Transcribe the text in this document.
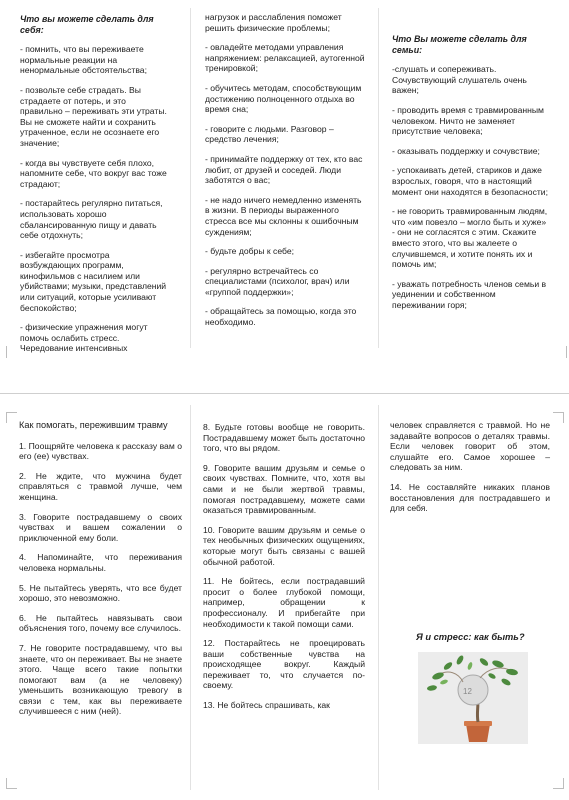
Что вы можете сделать для себя:

- помнить, что вы переживаете нормальные реакции на ненормальные обстоятельства;

- позвольте себе страдать. Вы страдаете от потерь, и это правильно – переживать эти утраты. Вы не сможете найти и сохранить утраченное, если не осознаете его значение;

- когда вы чувствуете себя плохо, напомните себе, что вокруг вас тоже страдают;

- постарайтесь регулярно питаться, использовать хорошо сбалансированную пищу и давать себе отдохнуть;

- избегайте просмотра возбуждающих программ, кинофильмов с насилием или убийствами; музыки, представлений или ситуаций, которые усиливают беспокойство;

- физические упражнения могут помочь ослабить стресс. Чередование интенсивных

нагрузок и расслабления поможет решить физические проблемы;

- овладейте методами управления напряжением: релаксацией, аутогенной тренировкой;

- обучитесь методам, способствующим достижению полноценного отдыха во время сна;

- говорите с людьми. Разговор – средство лечения;

- принимайте поддержку от тех, кто вас любит, от друзей и соседей. Люди заботятся о вас;

- не надо ничего немедленно изменять в жизни. В периоды выраженного стресса все мы склонны к ошибочным суждениям;

- будьте добры к себе;

- регулярно встречайтесь со специалистами (психолог, врач) или «группой поддержки»;

- обращайтесь за помощью, когда это необходимо.

Что Вы можете сделать для семьи:

-слушать и сопереживать. Сочувствующий слушатель очень важен;

- проводить время с травмированным человеком. Ничто не заменяет присутствие человека;

- оказывать поддержку и сочувствие;

- успокаивать детей, стариков и даже взрослых, говоря, что в настоящий момент они находятся в безопасности;

- не говорить травмированным людям, что «им повезло – могло быть и хуже» - они не согласятся с этим. Скажите вместо этого, что вы жалеете о случившемся, и хотите понять их и помочь им;

- уважать потребность членов семьи в уединении и собственном переживании горя;

Как помогать, пережившим травму

1. Поощряйте человека к рассказу вам о его (ее) чувствах.

2. Не ждите, что мужчина будет справляться с травмой лучше, чем женщина.

3. Говорите пострадавшему о своих чувствах и вашем сожалении о приключенной ему боли.

4. Напоминайте, что переживания человека нормальны.

5. Не пытайтесь уверять, что все будет хорошо, это невозможно.

6. Не пытайтесь навязывать свои объяснения того, почему все случилось.

7. Не говорите пострадавшему, что вы знаете, что он переживает. Вы не знаете этого. Чаще всего такие попытки помогают вам (а не человеку) уменьшить возникающую тревогу в связи с тем, как вы переживаете случившееся с ним (ней).

8. Будьте готовы вообще не говорить. Пострадавшему может быть достаточно того, что вы рядом.

9. Говорите вашим друзьям и семье о своих чувствах. Помните, что, хотя вы сами и не были жертвой травмы, помогая пострадавшему, можете сами оказаться травмированным.

10. Говорите вашим друзьям и семье о тех необычных физических ощущениях, которые могут быть связаны с вашей обычной работой.

11. Не бойтесь, если пострадавший просит о более глубокой помощи, например, обращении к профессионалу. И прибегайте при необходимости к такой помощи сами.

12. Постарайтесь не проецировать ваши собственные чувства на происходящее вокруг. Каждый переживает то, что случается по-своему.

13. Не бойтесь спрашивать, как

человек справляется с травмой. Но не задавайте вопросов о деталях травмы. Если человек говорит об этом, слушайте его. Самое хорошее – следовать за ним.

14. Не составляйте никаких планов восстановления для пострадавшего и для себя.

Я и стресс: как быть?
12
